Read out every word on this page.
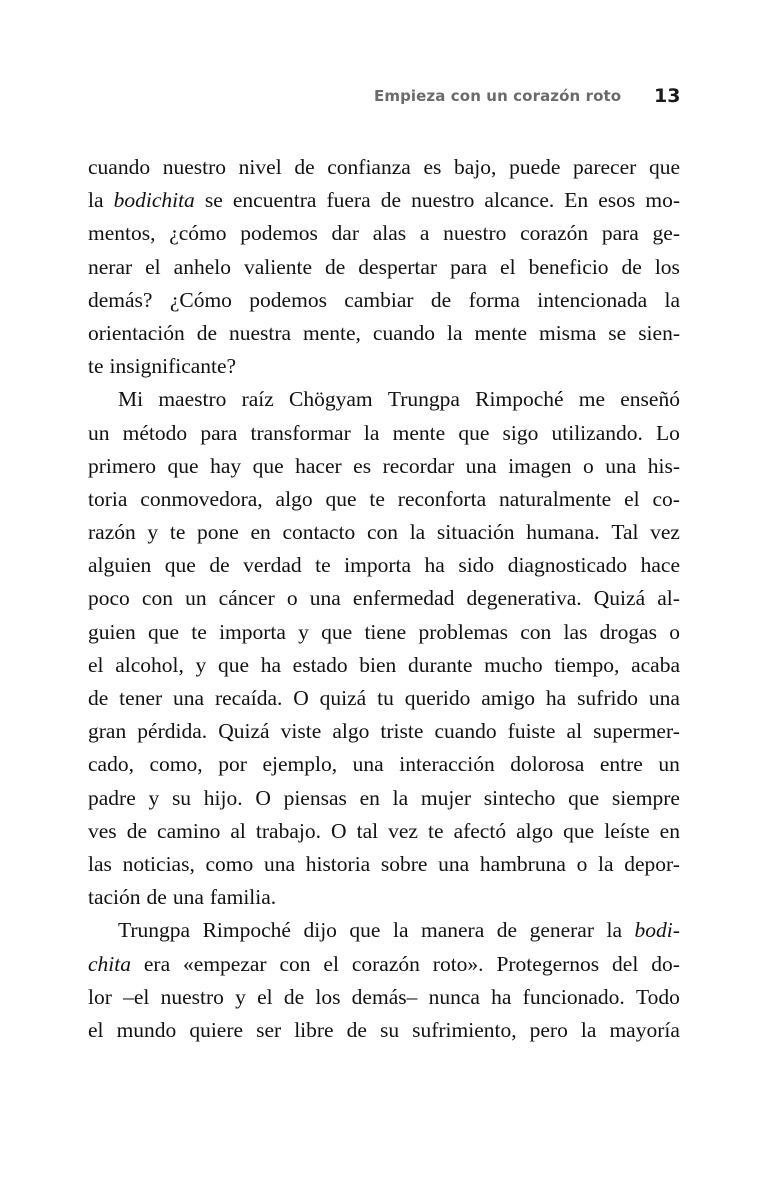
Empieza con un corazón roto 13
cuando nuestro nivel de confianza es bajo, puede parecer que
la bodichita se encuentra fuera de nuestro alcance. En esos mo-
mentos, ¿cómo podemos dar alas a nuestro corazón para ge-
nerar el anhelo valiente de despertar para el beneficio de los
demás? ¿Cómo podemos cambiar de forma intencionada la
orientación de nuestra mente, cuando la mente misma se sien-
te insignificante?
Mi maestro raíz Chögyam Trungpa Rimpoché me enseñó
un método para transformar la mente que sigo utilizando. Lo
primero que hay que hacer es recordar una imagen o una his-
toria conmovedora, algo que te reconforta naturalmente el co-
razón y te pone en contacto con la situación humana. Tal vez
alguien que de verdad te importa ha sido diagnosticado hace
poco con un cáncer o una enfermedad degenerativa. Quizá al-
guien que te importa y que tiene problemas con las drogas o
el alcohol, y que ha estado bien durante mucho tiempo, acaba
de tener una recaída. O quizá tu querido amigo ha sufrido una
gran pérdida. Quizá viste algo triste cuando fuiste al supermer-
cado, como, por ejemplo, una interacción dolorosa entre un
padre y su hijo. O piensas en la mujer sintecho que siempre
ves de camino al trabajo. O tal vez te afectó algo que leíste en
las noticias, como una historia sobre una hambruna o la depor-
tación de una familia.
Trungpa Rimpoché dijo que la manera de generar la bodi-
chita era «empezar con el corazón roto». Protegernos del do-
lor –el nuestro y el de los demás– nunca ha funcionado. Todo
el mundo quiere ser libre de su sufrimiento, pero la mayoría
